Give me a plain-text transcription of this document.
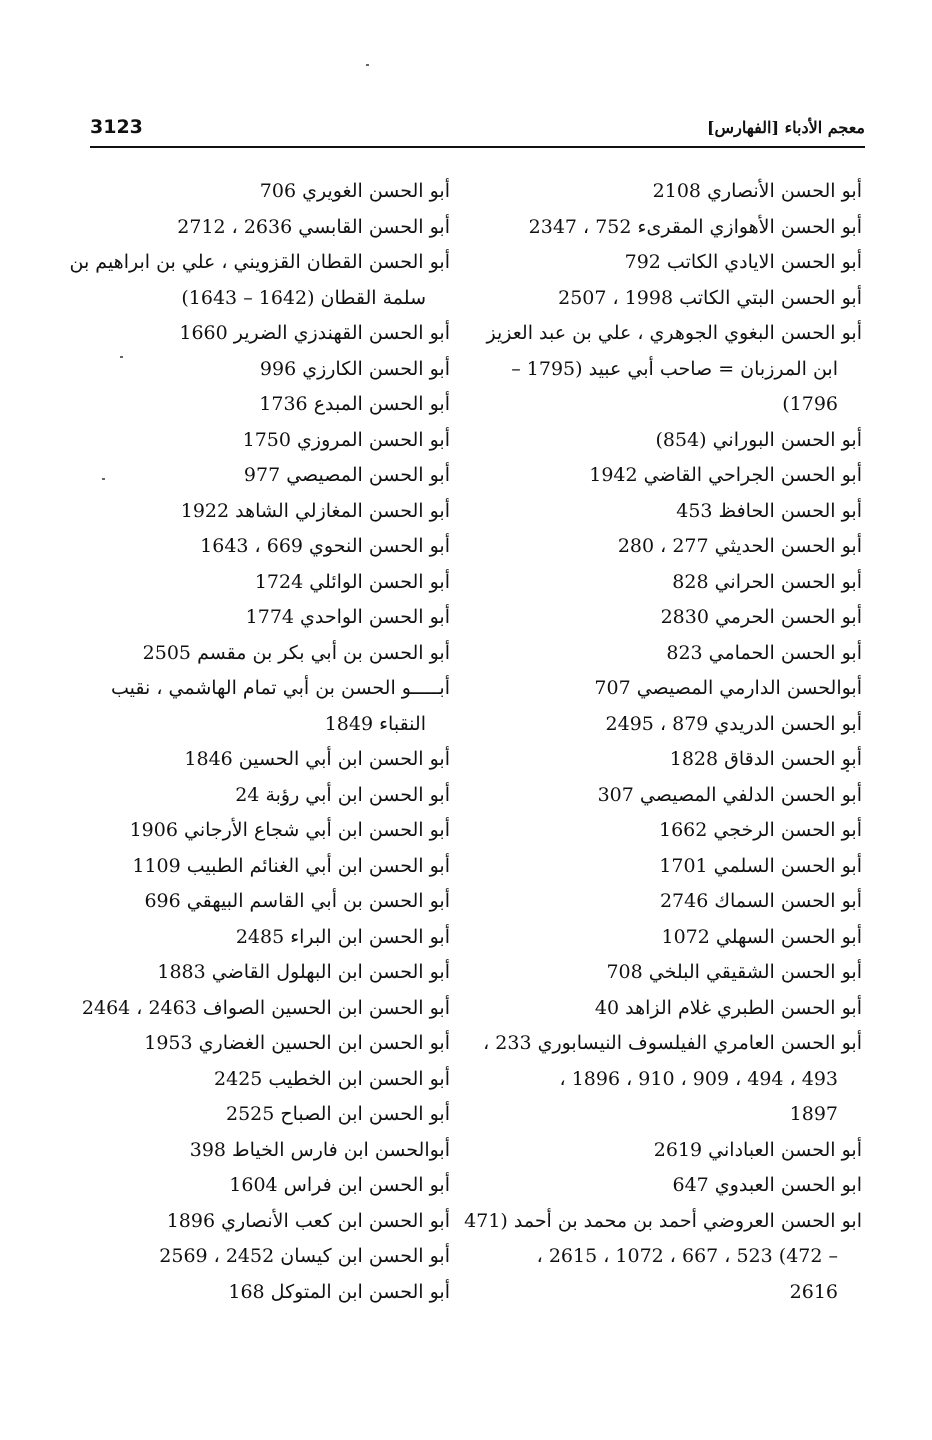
معجم الأدباء [الفهارس]
3123
أبو الحسن الأنصاري 2108
أبو الحسن الأهوازي المقرىء 752 ، 2347
أبو الحسن الايادي الكاتب 792
أبو الحسن البتي الكاتب 1998 ، 2507
أبو الحسن البغوي الجوهري ، علي بن عبد العزيز
ابن المرزبان = صاحب أبي عبيد (1795 –
1796)
أبو الحسن البوراني (854)
أبو الحسن الجراحي القاضي 1942
أبو الحسن الحافظ 453
أبو الحسن الحديثي 277 ، 280
أبو الحسن الحراني 828
أبو الحسن الحرمي 2830
أبو الحسن الحمامي 823
أبوالحسن الدارمي المصيصي 707
أبو الحسن الدريدي 879 ، 2495
أبو الحسن الدقاق 1828
أبو الحسن الدلفي المصيصي 307
أبو الحسن الرخجي 1662
أبو الحسن السلمي 1701
أبو الحسن السماك 2746
أبو الحسن السهلي 1072
أبو الحسن الشقيقي البلخي 708
أبو الحسن الطبري غلام الزاهد 40
أبو الحسن العامري الفيلسوف النيسابوري 233 ،
493 ، 494 ، 909 ، 910 ، 1896 ،
1897
أبو الحسن العباداني 2619
ابو الحسن العبدوي 647
ابو الحسن العروضي أحمد بن محمد بن أحمد (471
– 472) 523 ، 667 ، 1072 ، 2615 ،
2616
أبو الحسن الغويري 706
أبو الحسن القابسي 2636 ، 2712
أبو الحسن القطان القزويني ، علي بن ابراهيم بن
سلمة القطان (1642 – 1643)
أبو الحسن القهندزي الضرير 1660
أبو الحسن الكارزي 996
أبو الحسن المبدع 1736
أبو الحسن المروزي 1750
أبو الحسن المصيصي 977
أبو الحسن المغازلي الشاهد 1922
أبو الحسن النحوي 669 ، 1643
أبو الحسن الوائلي 1724
أبو الحسن الواحدي 1774
أبو الحسن بن أبي بكر بن مقسم 2505
أبـــــو الحسن بن أبي تمام الهاشمي ، نقيب
النقباء 1849
أبو الحسن ابن أبي الحسين 1846
أبو الحسن ابن أبي رؤبة 24
أبو الحسن ابن أبي شجاع الأرجاني 1906
أبو الحسن ابن أبي الغنائم الطبيب 1109
أبو الحسن بن أبي القاسم البيهقي 696
أبو الحسن ابن البراء 2485
أبو الحسن ابن البهلول القاضي 1883
أبو الحسن ابن الحسين الصواف 2463 ، 2464
أبو الحسن ابن الحسين الغضاري 1953
أبو الحسن ابن الخطيب 2425
أبو الحسن ابن الصباح 2525
أبوالحسن ابن فارس الخياط 398
أبو الحسن ابن فراس 1604
أبو الحسن ابن كعب الأنصاري 1896
أبو الحسن ابن كيسان 2452 ، 2569
أبو الحسن ابن المتوكل 168
